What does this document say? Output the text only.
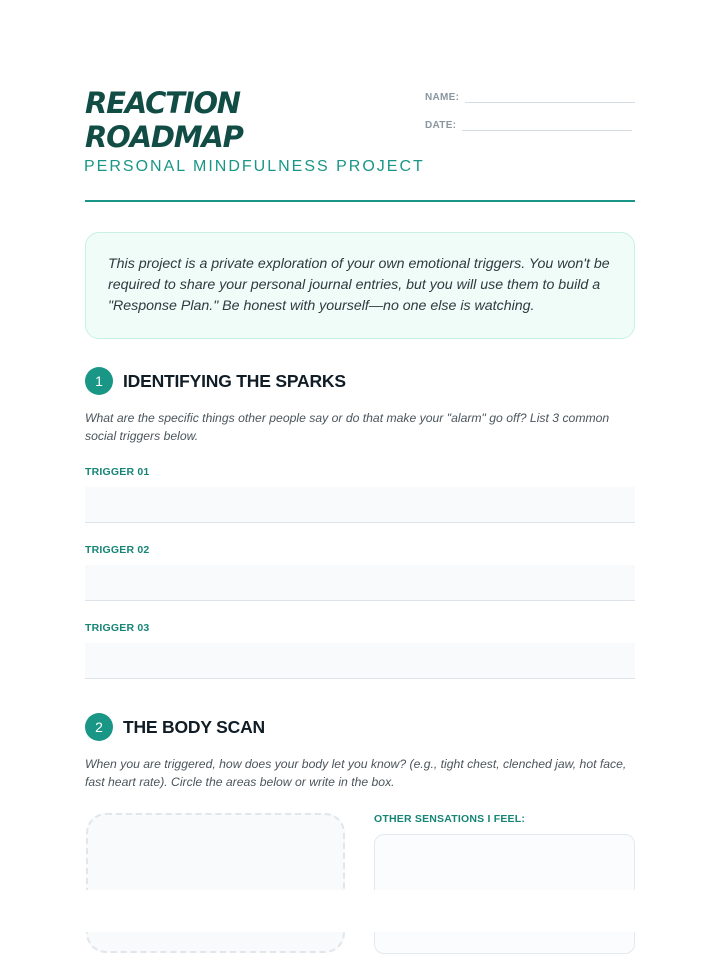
REACTION
ROADMAP

PERSONAL MINDFULNESS PROJECT

NAME:
DATE:

This project is a private exploration of your own emotional triggers. You won't be required to share your personal journal entries, but you will use them to build a "Response Plan." Be honest with yourself—no one else is watching.

1	IDENTIFYING THE SPARKS

What are the specific things other people say or do that make your "alarm" go off? List 3 common social triggers below.

TRIGGER 01

TRIGGER 02

TRIGGER 03

2	THE BODY SCAN

When you are triggered, how does your body let you know? (e.g., tight chest, clenched jaw, hot face, fast heart rate). Circle the areas below or write in the box.

OTHER SENSATIONS I FEEL:
